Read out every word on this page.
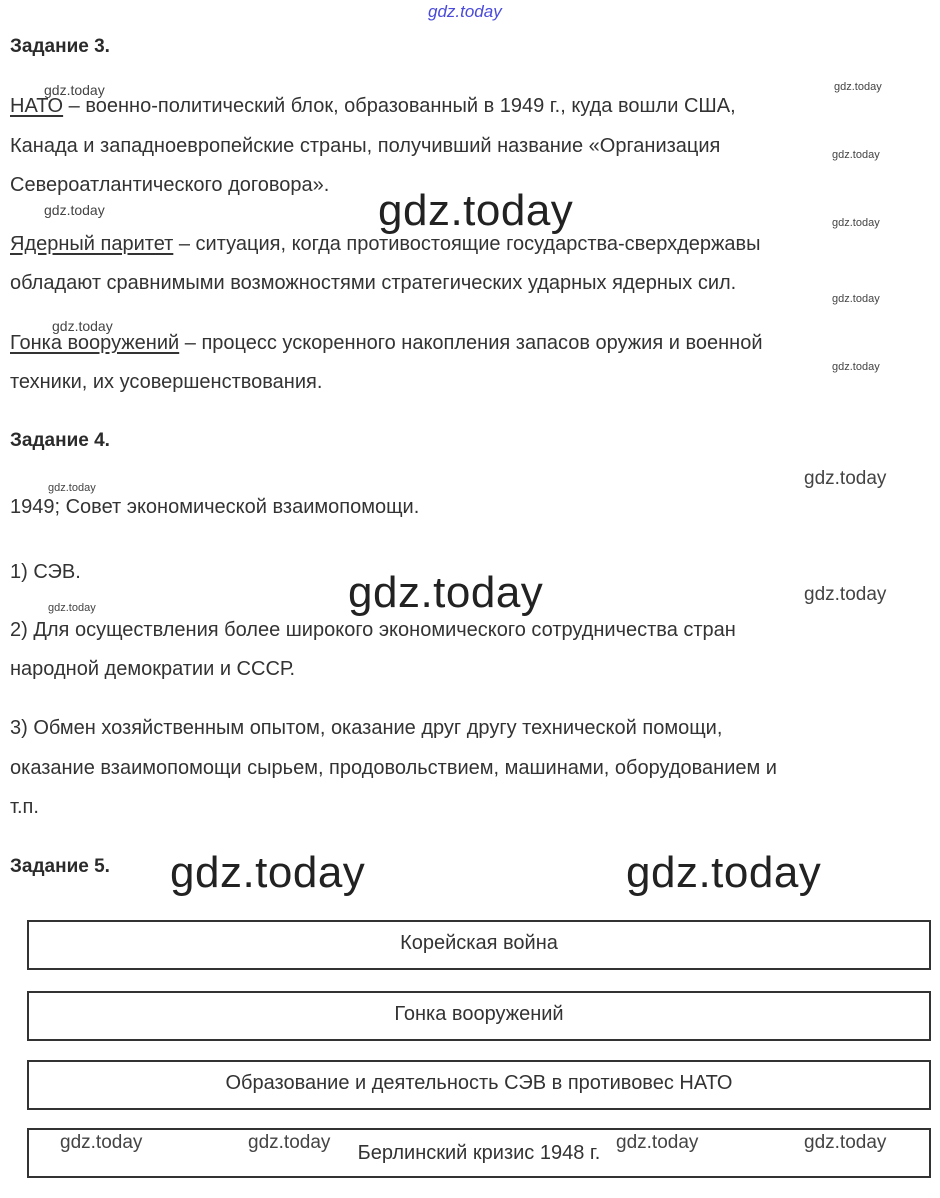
gdz.today
Задание 3.
gdz.today	gdz.today
НАТО – военно-политический блок, образованный в 1949 г., куда вошли США,
Канада и западноевропейские страны, получивший название «Организация	gdz.today
Североатлантического договора».
gdz.today	gdz.today	gdz.today
Ядерный паритет – ситуация, когда противостоящие государства-сверхдержавы
обладают сравнимыми возможностями стратегических ударных ядерных сил.
gdz.today
gdz.today
Гонка вооружений – процесс ускоренного накопления запасов оружия и военной
gdz.today
техники, их усовершенствования.
Задание 4.
gdz.today	gdz.today
1949; Совет экономической взаимопомощи.
1) СЭВ.	gdz.today	gdz.today
gdz.today
2) Для осуществления более широкого экономического сотрудничества стран
народной демократии и СССР.
3) Обмен хозяйственным опытом, оказание друг другу технической помощи,
оказание взаимопомощи сырьем, продовольствием, машинами, оборудованием и
т.п.
Задание 5. gdz.today	gdz.today
Корейская война
Гонка вооружений
Образование и деятельность СЭВ в противовес НАТО
Берлинский кризис 1948 г.
gdz.today	gdz.today	gdz.today	gdz.today
